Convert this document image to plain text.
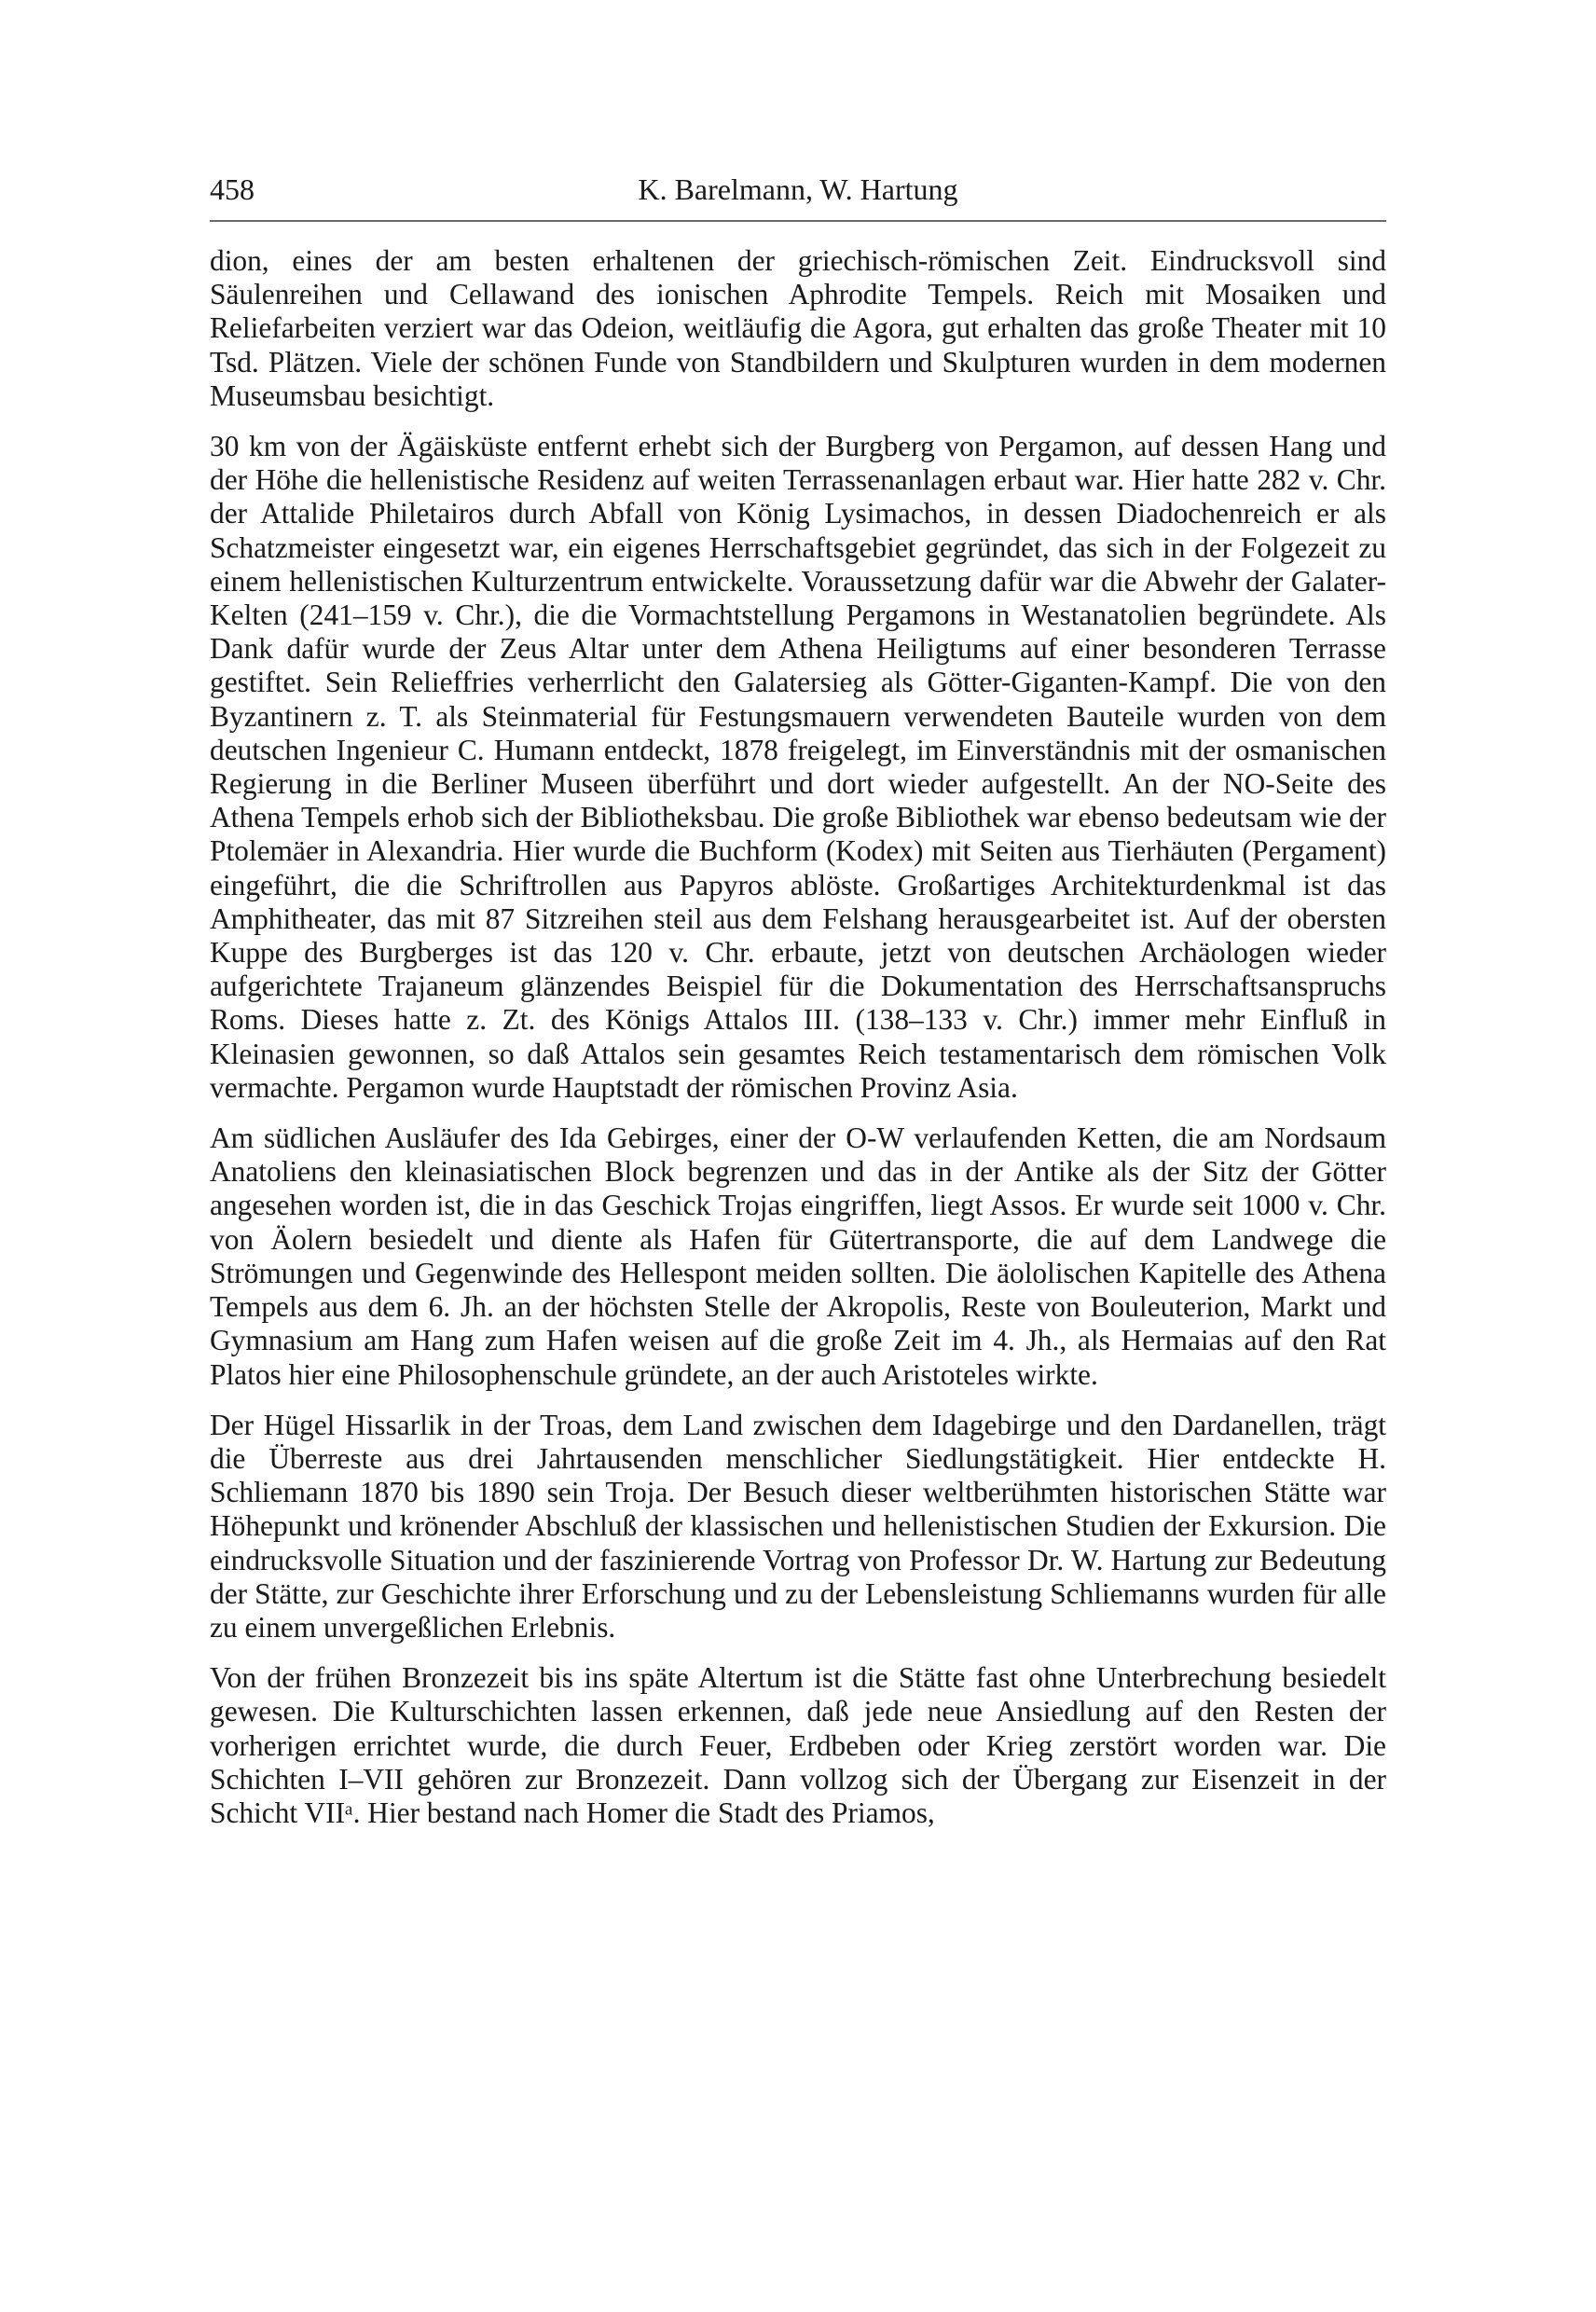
458	K. Barelmann, W. Hartung

dion, eines der am besten erhaltenen der griechisch-römischen Zeit. Eindrucksvoll sind Säulenreihen und Cellawand des ionischen Aphrodite Tempels. Reich mit Mosaiken und Reliefarbeiten verziert war das Odeion, weitläufig die Agora, gut erhalten das große Theater mit 10 Tsd. Plätzen. Viele der schönen Funde von Standbildern und Skulpturen wurden in dem modernen Museumsbau besichtigt.

30 km von der Ägäisküste entfernt erhebt sich der Burgberg von Pergamon, auf dessen Hang und der Höhe die hellenistische Residenz auf weiten Terrassenanlagen erbaut war. Hier hatte 282 v. Chr. der Attalide Philetairos durch Abfall von König Lysimachos, in dessen Diadochenreich er als Schatzmeister eingesetzt war, ein eigenes Herrschaftsgebiet gegründet, das sich in der Folgezeit zu einem hellenistischen Kulturzentrum entwickelte. Voraussetzung dafür war die Abwehr der Galater-Kelten (241–159 v. Chr.), die die Vormachtstellung Pergamons in Westanatolien begründete. Als Dank dafür wurde der Zeus Altar unter dem Athena Heiligtums auf einer besonderen Terrasse gestiftet. Sein Relieffries verherrlicht den Galatersieg als Götter-Giganten-Kampf. Die von den Byzantinern z. T. als Steinmaterial für Festungsmauern verwendeten Bauteile wurden von dem deutschen Ingenieur C. Humann entdeckt, 1878 freigelegt, im Einverständnis mit der osmanischen Regierung in die Berliner Museen überführt und dort wieder aufgestellt. An der NO-Seite des Athena Tempels erhob sich der Bibliotheksbau. Die große Bibliothek war ebenso bedeutsam wie der Ptolemäer in Alexandria. Hier wurde die Buchform (Kodex) mit Seiten aus Tierhäuten (Pergament) eingeführt, die die Schriftrollen aus Papyros ablöste. Großartiges Architekturdenkmal ist das Amphitheater, das mit 87 Sitzreihen steil aus dem Felshang herausgearbeitet ist. Auf der obersten Kuppe des Burgberges ist das 120 v. Chr. erbaute, jetzt von deutschen Archäologen wieder aufgerichtete Trajaneum glänzendes Beispiel für die Dokumentation des Herrschaftsanspruchs Roms. Dieses hatte z. Zt. des Königs Attalos III. (138–133 v. Chr.) immer mehr Einfluß in Kleinasien gewonnen, so daß Attalos sein gesamtes Reich testamentarisch dem römischen Volk vermachte. Pergamon wurde Hauptstadt der römischen Provinz Asia.

Am südlichen Ausläufer des Ida Gebirges, einer der O-W verlaufenden Ketten, die am Nordsaum Anatoliens den kleinasiatischen Block begrenzen und das in der Antike als der Sitz der Götter angesehen worden ist, die in das Geschick Trojas eingriffen, liegt Assos. Er wurde seit 1000 v. Chr. von Äolern besiedelt und diente als Hafen für Gütertransporte, die auf dem Landwege die Strömungen und Gegenwinde des Hellespont meiden sollten. Die äololischen Kapitelle des Athena Tempels aus dem 6. Jh. an der höchsten Stelle der Akropolis, Reste von Bouleuterion, Markt und Gymnasium am Hang zum Hafen weisen auf die große Zeit im 4. Jh., als Hermaias auf den Rat Platos hier eine Philosophenschule gründete, an der auch Aristoteles wirkte.

Der Hügel Hissarlik in der Troas, dem Land zwischen dem Idagebirge und den Dardanellen, trägt die Überreste aus drei Jahrtausenden menschlicher Siedlungstätigkeit. Hier entdeckte H. Schliemann 1870 bis 1890 sein Troja. Der Besuch dieser weltberühmten historischen Stätte war Höhepunkt und krönender Abschluß der klassischen und hellenistischen Studien der Exkursion. Die eindrucksvolle Situation und der faszinierende Vortrag von Professor Dr. W. Hartung zur Bedeutung der Stätte, zur Geschichte ihrer Erforschung und zu der Lebensleistung Schliemanns wurden für alle zu einem unvergeßlichen Erlebnis.

Von der frühen Bronzezeit bis ins späte Altertum ist die Stätte fast ohne Unterbrechung besiedelt gewesen. Die Kulturschichten lassen erkennen, daß jede neue Ansiedlung auf den Resten der vorherigen errichtet wurde, die durch Feuer, Erdbeben oder Krieg zerstört worden war. Die Schichten I–VII gehören zur Bronzezeit. Dann vollzog sich der Übergang zur Eisenzeit in der Schicht VIIᵃ. Hier bestand nach Homer die Stadt des Priamos,
